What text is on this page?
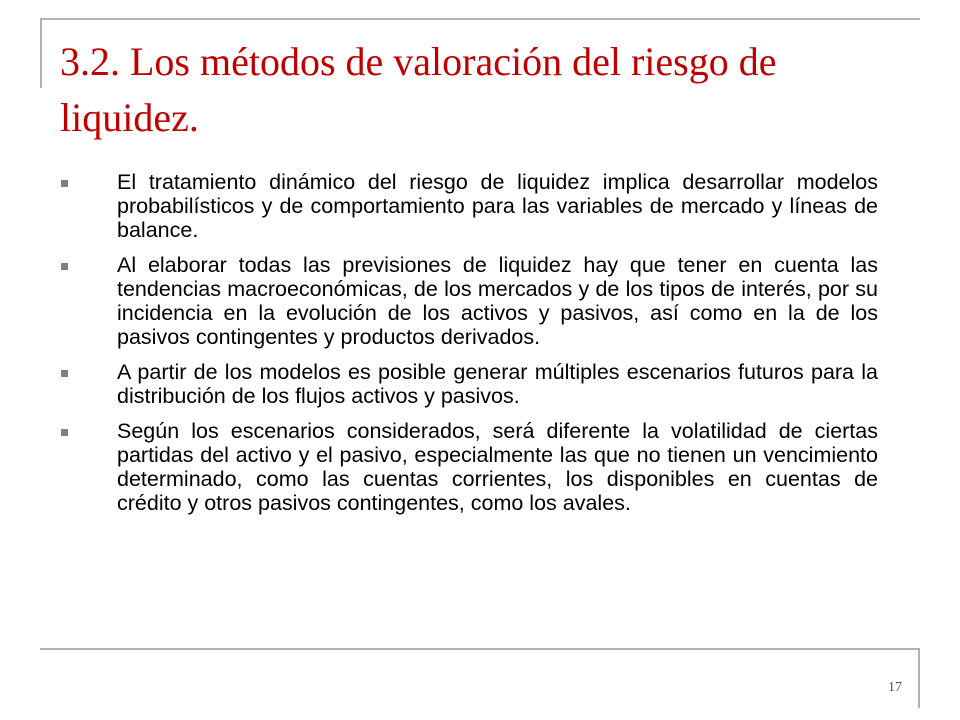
3.2. Los métodos de valoración del riesgo de liquidez.
El tratamiento dinámico del riesgo de liquidez implica desarrollar modelos probabilísticos y de comportamiento para las variables de mercado y líneas de balance.
Al elaborar todas las previsiones de liquidez hay que tener en cuenta las tendencias macroeconómicas, de los mercados y de los tipos de interés, por su incidencia en la evolución de los activos y pasivos, así como en la de los pasivos contingentes y productos derivados.
A partir de los modelos es posible generar múltiples escenarios futuros para la distribución de los flujos activos y pasivos.
Según los escenarios considerados, será diferente la volatilidad de ciertas partidas del activo y el pasivo, especialmente las que no tienen un vencimiento determinado, como las cuentas corrientes, los disponibles en cuentas de crédito y otros pasivos contingentes, como los avales.
17
